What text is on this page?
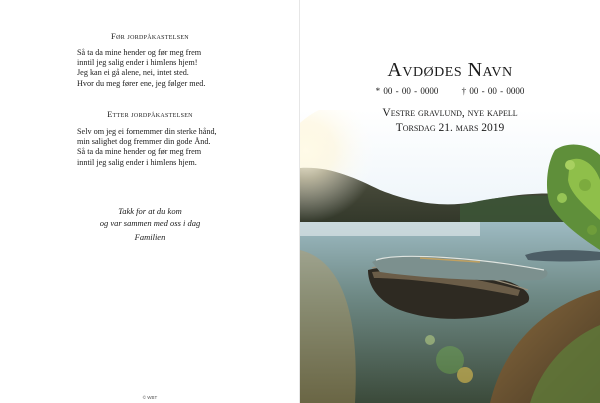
Før jordpåkastelsen
Så ta da mine hender og før meg frem
inntil jeg salig ender i himlens hjem!
Jeg kan ei gå alene, nei, intet sted.
Hvor du meg fører ene, jeg følger med.
Etter jordpåkastelsen
Selv om jeg ei fornemmer din sterke hånd,
min salighet dog fremmer din gode Ånd.
Så ta da mine hender og før meg frem
inntil jeg salig ender i himlens hjem.
Takk for at du kom
og var sammen med oss i dag
Familien
© WBT
Avdødes Navn
* 00 - 00 - 0000	† 00 - 00 - 0000
Vestre gravlund, nye kapell
Torsdag 21. mars 2019
